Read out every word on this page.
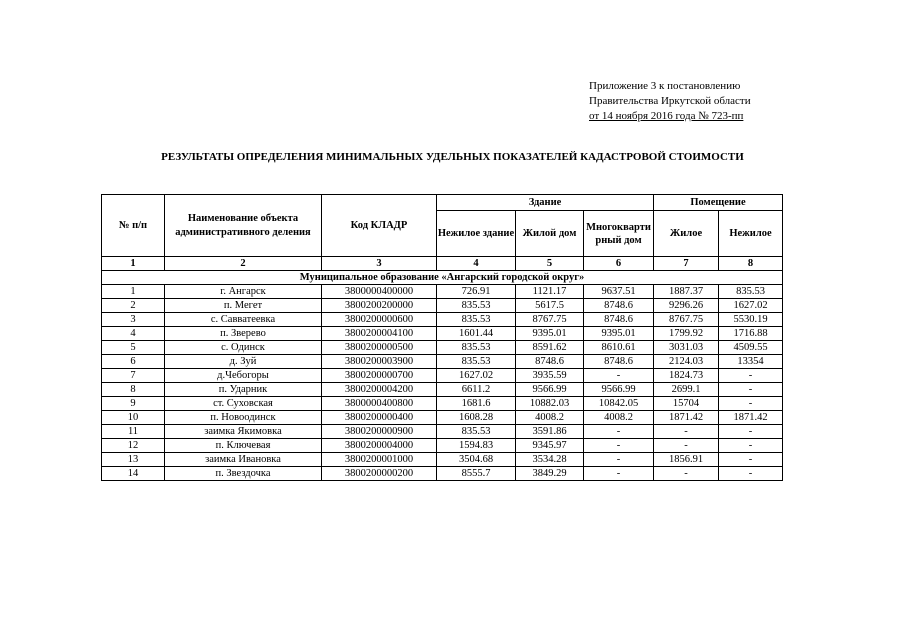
Приложение 3 к постановлению
Правительства Иркутской области
от 14 ноября 2016 года № 723-пп
РЕЗУЛЬТАТЫ ОПРЕДЕЛЕНИЯ МИНИМАЛЬНЫХ УДЕЛЬНЫХ ПОКАЗАТЕЛЕЙ КАДАСТРОВОЙ СТОИМОСТИ
№ п/п	Наименование объекта административного деления	Код КЛАДР	Здание			Помещение	
			Нежилое здание	Жилой дом	Многоквартирный дом	Жилое	Нежилое
1	2	3	4	5	6	7	8
Муниципальное образование «Ангарский городской округ»							
1	г. Ангарск	3800000400000	726.91	1121.17	9637.51	1887.37	835.53
2	п. Мегет	3800200200000	835.53	5617.5	8748.6	9296.26	1627.02
3	с. Савватеевка	3800200000600	835.53	8767.75	8748.6	8767.75	5530.19
4	п. Зверево	3800200004100	1601.44	9395.01	9395.01	1799.92	1716.88
5	с. Одинск	3800200000500	835.53	8591.62	8610.61	3031.03	4509.55
6	д. Зуй	3800200003900	835.53	8748.6	8748.6	2124.03	13354
7	д.Чебогоры	3800200000700	1627.02	3935.59	-	1824.73	-
8	п. Ударник	3800200004200	6611.2	9566.99	9566.99	2699.1	-
9	ст. Суховская	3800000400800	1681.6	10882.03	10842.05	15704	-
10	п. Новоодинск	3800200000400	1608.28	4008.2	4008.2	1871.42	1871.42
11	заимка Якимовка	3800200000900	835.53	3591.86	-	-	-
12	п. Ключевая	3800200004000	1594.83	9345.97	-	-	-
13	заимка Ивановка	3800200001000	3504.68	3534.28	-	1856.91	-
14	п. Звездочка	3800200000200	8555.7	3849.29	-	-	-
